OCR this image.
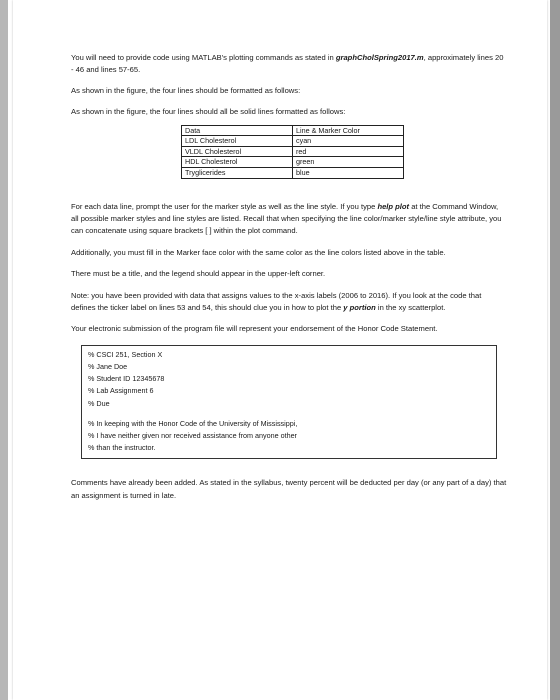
You will need to provide code using MATLAB's plotting commands as stated in graphCholSpring2017.m, approximately lines 20 - 46 and lines 57-65.

As shown in the figure, the four lines should be formatted as follows:

As shown in the figure, the four lines should all be solid lines formatted as follows:

Data	Line & Marker Color
LDL Cholesterol	cyan
VLDL Cholesterol	red
HDL Cholesterol	green
Tryglicerides	blue

For each data line, prompt the user for the marker style as well as the line style. If you type help plot at the Command Window, all possible marker styles and line styles are listed. Recall that when specifying the line color/marker style/line style attribute, you can concatenate using square brackets [ ] within the plot command.

Additionally, you must fill in the Marker face color with the same color as the line colors listed above in the table.

There must be a title, and the legend should appear in the upper-left corner.

Note: you have been provided with data that assigns values to the x-axis labels (2006 to 2016). If you look at the code that defines the ticker label on lines 53 and 54, this should clue you in how to plot the y portion in the xy scatterplot.

Your electronic submission of the program file will represent your endorsement of the Honor Code Statement.

% CSCI 251, Section X
% Jane Doe
% Student ID 12345678
% Lab Assignment 6
% Due
% In keeping with the Honor Code of the University of Mississippi,
% I have neither given nor received assistance from anyone other
% than the instructor.

Comments have already been added. As stated in the syllabus, twenty percent will be deducted per day (or any part of a day) that an assignment is turned in late.
